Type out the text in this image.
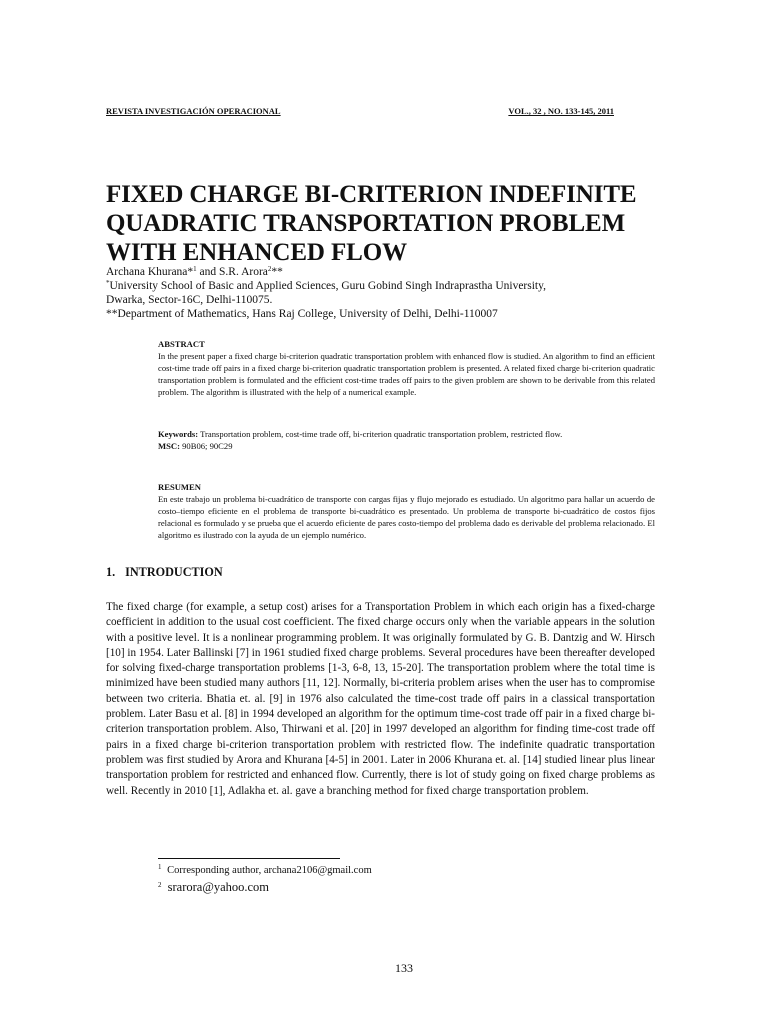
REVISTA INVESTIGACIÓN OPERACIONAL	VOL., 32 , NO. 133-145, 2011
FIXED CHARGE BI-CRITERION INDEFINITE QUADRATIC TRANSPORTATION PROBLEM WITH ENHANCED FLOW
Archana Khurana*$^1$ and S.R. Arora$^2$**
*University School of Basic and Applied Sciences, Guru Gobind Singh Indraprastha University,
Dwarka, Sector-16C, Delhi-110075.
**Department of Mathematics, Hans Raj College, University of Delhi, Delhi-110007
ABSTRACT

In the present paper a fixed charge bi-criterion quadratic transportation problem with enhanced flow is studied. An algorithm to find an efficient cost-time trade off pairs in a fixed charge bi-criterion quadratic transportation problem is presented. A related fixed charge bi-criterion quadratic transportation problem is formulated and the efficient cost-time trades off pairs to the given problem are shown to be derivable from this related problem. The algorithm is illustrated with the help of a numerical example.

Keywords: Transportation problem, cost-time trade off, bi-criterion quadratic transportation problem, restricted flow.

MSC: 90B06; 90C29

RESUMEN

En este trabajo un problema bi-cuadrático de transporte con cargas fijas y flujo mejorado es estudiado. Un algoritmo para hallar un acuerdo de costo–tiempo eficiente en el problema de transporte bi-cuadrático es presentado. Un problema de transporte bi-cuadrático de costos fijos relacional es formulado y se prueba que el acuerdo eficiente de pares costo-tiempo del problema dado es derivable del problema relacionado. El algoritmo es ilustrado con la ayuda de un ejemplo numérico.

1. INTRODUCTION

The fixed charge (for example, a setup cost) arises for a Transportation Problem in which each origin has a fixed-charge coefficient in addition to the usual cost coefficient. The fixed charge occurs only when the variable appears in the solution with a positive level. It is a nonlinear programming problem. It was originally formulated by G. B. Dantzig and W. Hirsch [10] in 1954. Later Ballinski [7] in 1961 studied fixed charge problems. Several procedures have been thereafter developed for solving fixed-charge transportation problems [1-3, 6-8, 13, 15-20]. The transportation problem where the total time is minimized have been studied many authors [11, 12]. Normally, bi-criteria problem arises when the user has to compromise between two criteria. Bhatia et. al. [9] in 1976 also calculated the time-cost trade off pairs in a classical transportation problem. Later Basu et al. [8] in 1994 developed an algorithm for the optimum time-cost trade off pair in a fixed charge bi-criterion transportation problem. Also, Thirwani et al. [20] in 1997 developed an algorithm for finding time-cost trade off pairs in a fixed charge bi-criterion transportation problem with restricted flow. The indefinite quadratic transportation problem was first studied by Arora and Khurana [4-5] in 2001. Later in 2006 Khurana et. al. [14] studied linear plus linear transportation problem for restricted and enhanced flow. Currently, there is lot of study going on fixed charge problems as well. Recently in 2010 [1], Adlakha et. al. gave a branching method for fixed charge transportation problem.

$^1$ Corresponding author, archana2106@gmail.com
$^2$ srarora@yahoo.com
133
